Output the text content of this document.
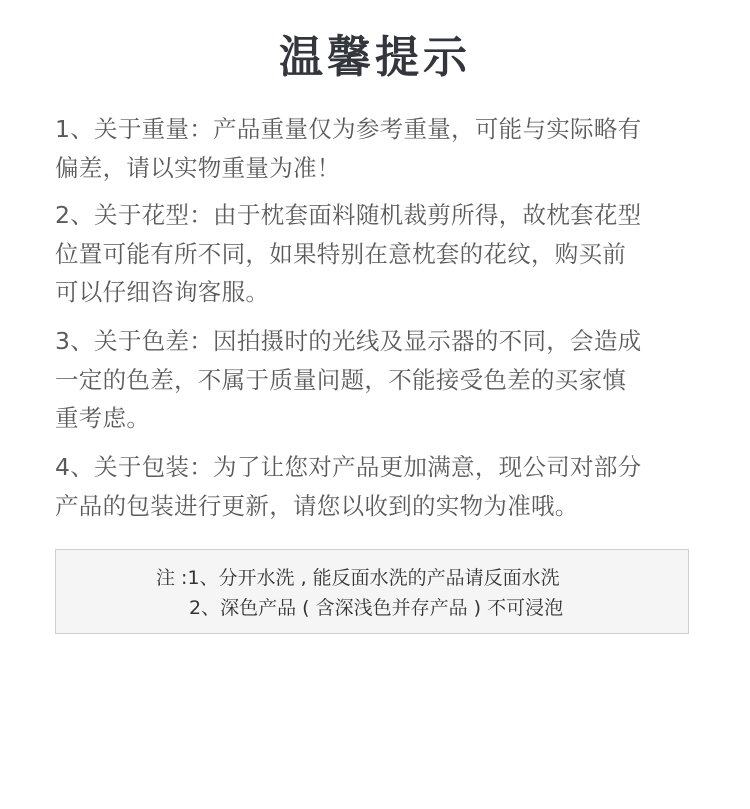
温馨提示
1、关于重量：产品重量仅为参考重量，可能与实际略有
偏差，请以实物重量为准！
2、关于花型：由于枕套面料随机裁剪所得，故枕套花型
位置可能有所不同，如果特别在意枕套的花纹，购买前
可以仔细咨询客服。
3、关于色差：因拍摄时的光线及显示器的不同，会造成
一定的色差，不属于质量问题，不能接受色差的买家慎
重考虑。
4、关于包装：为了让您对产品更加满意，现公司对部分
产品的包装进行更新，请您以收到的实物为准哦。
注 :1、分开水洗 , 能反面水洗的产品请反面水洗
2、深色产品 ( 含深浅色并存产品 ) 不可浸泡
